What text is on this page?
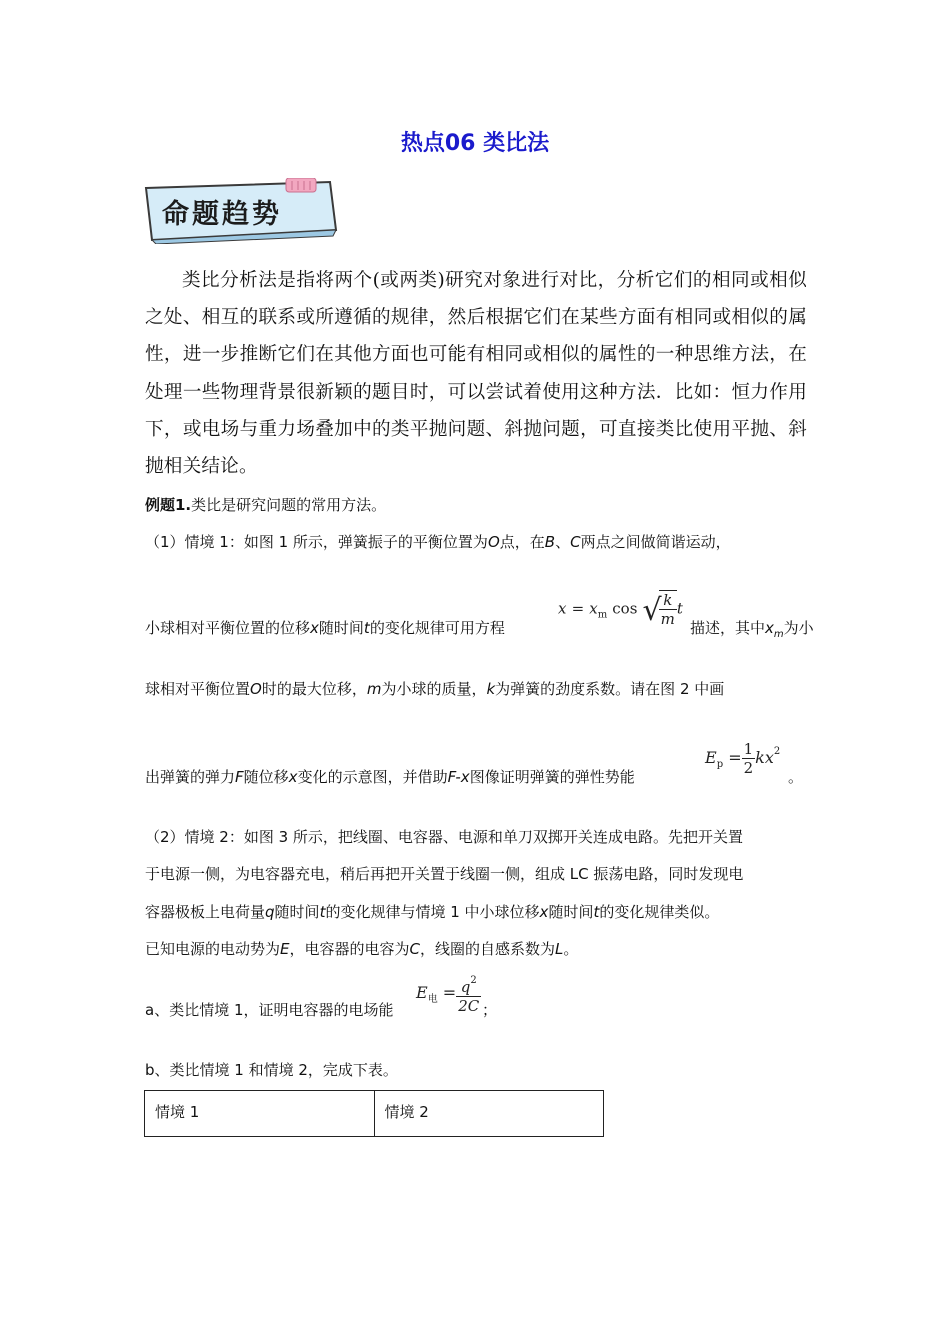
热点06 类比法
命题趋势
类比分析法是指将两个(或两类)研究对象进行对比，分析它们的相同或相似之处、相互的联系或所遵循的规律，然后根据它们在某些方面有相同或相似的属性，进一步推断它们在其他方面也可能有相同或相似的属性的一种思维方法，在处理一些物理背景很新颖的题目时，可以尝试着使用这种方法．比如：恒力作用下，或电场与重力场叠加中的类平抛问题、斜抛问题，可直接类比使用平抛、斜抛相关结论。
例题1.类比是研究问题的常用方法。
（1）情境 1：如图 1 所示，弹簧振子的平衡位置为O点，在B、C两点之间做简谐运动，
小球相对平衡位置的位移x随时间t的变化规律可用方程
$x = x_m$ cos √
$\frac{k}{m}$ t
描述，其中$x_m$为小
球相对平衡位置O时的最大位移，m为小球的质量，k为弹簧的劲度系数。请在图 2 中画
出弹簧的弹力F随位移x变化的示意图，并借助F-x图像证明弹簧的弹性势能
$E_p = \frac{1}{2} kx^2$
。
（2）情境 2：如图 3 所示，把线圈、电容器、电源和单刀双掷开关连成电路。先把开关置
于电源一侧，为电容器充电，稍后再把开关置于线圈一侧，组成 LC 振荡电路，同时发现电
容器极板上电荷量q随时间t的变化规律与情境 1 中小球位移x随时间t的变化规律类似。
已知电源的电动势为E，电容器的电容为C，线圈的自感系数为L。
a、类比情境 1，证明电容器的电场能
$E_电 = \frac{q^2}{2C}$ ；
b、类比情境 1 和情境 2，完成下表。
情境 1	情境 2
